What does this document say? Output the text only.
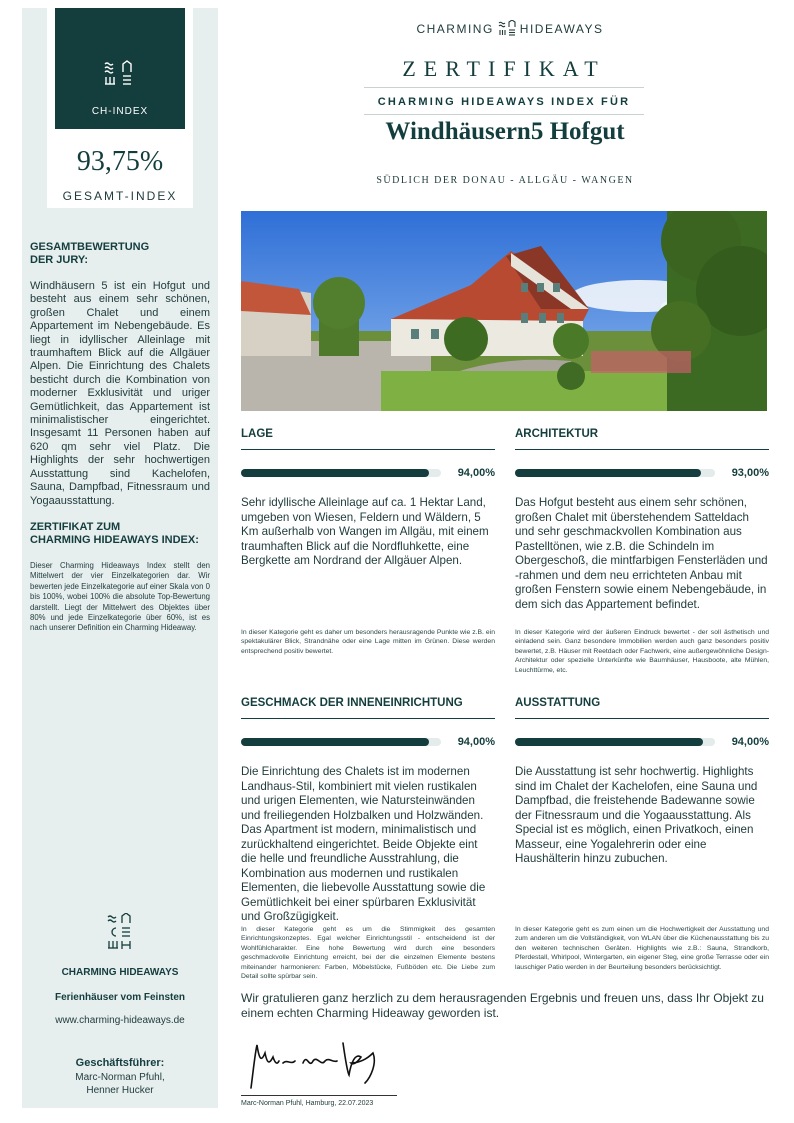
CH-INDEX
93,75%
GESAMT-INDEX
GESAMTBEWERTUNG
DER JURY:
Windhäusern 5 ist ein Hofgut und besteht aus einem sehr schönen, großen Chalet und einem Appartement im Nebengebäude. Es liegt in idyllischer Alleinlage mit traumhaftem Blick auf die Allgäuer Alpen. Die Einrichtung des Chalets besticht durch die Kombination von moderner Exklusivität und uriger Gemütlichkeit, das Appartement ist minimalistischer eingerichtet. Insgesamt 11 Personen haben auf 620 qm sehr viel Platz. Die Highlights der sehr hochwertigen Ausstattung sind Kachelofen, Sauna, Dampfbad, Fitnessraum und Yogaausstattung.
ZERTIFIKAT ZUM
CHARMING HIDEAWAYS INDEX:
Dieser Charming Hideaways Index stellt den Mittelwert der vier Einzelkategorien dar. Wir bewerten jede Einzelkategorie auf einer Skala von 0 bis 100%, wobei 100% die absolute Top-Bewertung darstellt. Liegt der Mittelwert des Objektes über 80% und jede Einzelkategorie über 60%, ist es nach unserer Definition ein Charming Hideaway.
CHARMING HIDEAWAYS
Ferienhäuser vom Feinsten
www.charming-hideaways.de
Geschäftsführer:
Marc-Norman Pfuhl,
Henner Hucker
CHARMING HIDEAWAYS
ZERTIFIKAT
CHARMING HIDEAWAYS INDEX FÜR
Windhäusern5 Hofgut
SÜDLICH DER DONAU - ALLGÄU - WANGEN
LAGE
94,00%
Sehr idyllische Alleinlage auf ca. 1 Hektar Land, umgeben von Wiesen, Feldern und Wäldern, 5 Km außerhalb von Wangen im Allgäu, mit einem traumhaften Blick auf die Nordfluhkette, eine Bergkette am Nordrand der Allgäuer Alpen.
In dieser Kategorie geht es daher um besonders herausragende Punkte wie z.B. ein spektakulärer Blick, Strandnähe oder eine Lage mitten im Grünen. Diese werden entsprechend positiv bewertet.
ARCHITEKTUR
93,00%
Das Hofgut besteht aus einem sehr schönen, großen Chalet mit überstehendem Satteldach und sehr geschmackvollen Kombination aus Pastelltönen, wie z.B. die Schindeln im Obergeschoß, die mintfarbigen Fensterläden und -rahmen und dem neu errichteten Anbau mit großen Fenstern sowie einem Nebengebäude, in dem sich das Appartement befindet.
In dieser Kategorie wird der äußeren Eindruck bewertet - der soll ästhetisch und einladend sein. Ganz besondere Immobilien werden auch ganz besonders positiv bewertet, z.B. Häuser mit Reetdach oder Fachwerk, eine außergewöhnliche Design-Architektur oder spezielle Unterkünfte wie Baumhäuser, Hausboote, alte Mühlen, Leuchttürme, etc.
GESCHMACK DER INNENEINRICHTUNG
94,00%
Die Einrichtung des Chalets ist im modernen Landhaus-Stil, kombiniert mit vielen rustikalen und urigen Elementen, wie Natursteinwänden und freiliegenden Holzbalken und Holzwänden. Das Apartment ist modern, minimalistisch und zurückhaltend eingerichtet. Beide Objekte eint die helle und freundliche Ausstrahlung, die Kombination aus modernen und rustikalen Elementen, die liebevolle Ausstattung sowie die Gemütlichkeit bei einer spürbaren Exklusivität und Großzügigkeit.
In dieser Kategorie geht es um die Stimmigkeit des gesamten Einrichtungskonzeptes. Egal welcher Einrichtungsstil - entscheidend ist der Wohlfühlcharakter. Eine hohe Bewertung wird durch eine besonders geschmackvolle Einrichtung erreicht, bei der die einzelnen Elemente bestens miteinander harmonieren: Farben, Möbelstücke, Fußböden etc. Die Liebe zum Detail sollte spürbar sein.
AUSSTATTUNG
94,00%
Die Ausstattung ist sehr hochwertig. Highlights sind im Chalet der Kachelofen, eine Sauna und Dampfbad, die freistehende Badewanne sowie der Fitnessraum und die Yogaausstattung. Als Special ist es möglich, einen Privatkoch, einen Masseur, eine Yogalehrerin oder eine Haushälterin hinzu zubuchen.
In dieser Kategorie geht es zum einen um die Hochwertigkeit der Ausstattung und zum anderen um die Vollständigkeit, von WLAN über die Küchenausstattung bis zu den weiteren technischen Geräten. Highlights wie z.B.: Sauna, Strandkorb, Pferdestall, Whirlpool, Wintergarten, ein eigener Steg, eine große Terrasse oder ein lauschiger Patio werden in der Beurteilung besonders berücksichtigt.
Wir gratulieren ganz herzlich zu dem herausragenden Ergebnis und freuen uns, dass Ihr Objekt zu einem echten Charming Hideaway geworden ist.
Marc-Norman Pfuhl, Hamburg, 22.07.2023
